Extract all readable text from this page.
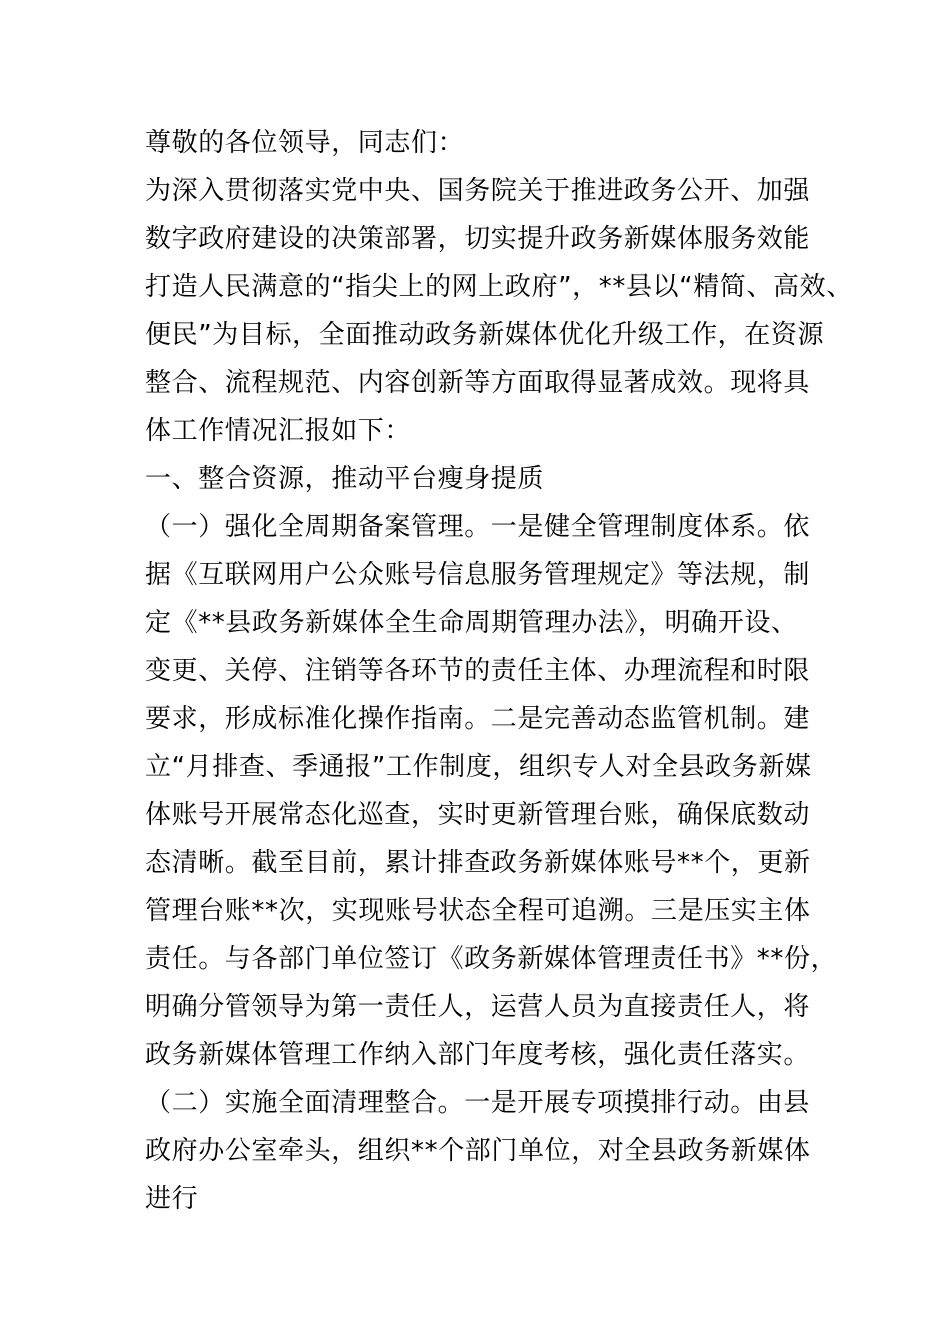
尊敬的各位领导，同志们：
为深入贯彻落实党中央、国务院关于推进政务公开、加强
数字政府建设的决策部署，切实提升政务新媒体服务效能
打造人民满意的“指尖上的网上政府”，**县以“精简、高效、
便民”为目标，全面推动政务新媒体优化升级工作，在资源
整合、流程规范、内容创新等方面取得显著成效。现将具
体工作情况汇报如下：
一、整合资源，推动平台瘦身提质
（一）强化全周期备案管理。一是健全管理制度体系。依
据《互联网用户公众账号信息服务管理规定》等法规，制
定《**县政务新媒体全生命周期管理办法》，明确开设、
变更、关停、注销等各环节的责任主体、办理流程和时限
要求，形成标准化操作指南。二是完善动态监管机制。建
立“月排查、季通报”工作制度，组织专人对全县政务新媒
体账号开展常态化巡查，实时更新管理台账，确保底数动
态清晰。截至目前，累计排查政务新媒体账号**个，更新
管理台账**次，实现账号状态全程可追溯。三是压实主体
责任。与各部门单位签订《政务新媒体管理责任书》**份，
明确分管领导为第一责任人，运营人员为直接责任人，将
政务新媒体管理工作纳入部门年度考核，强化责任落实。
（二）实施全面清理整合。一是开展专项摸排行动。由县
政府办公室牵头，组织**个部门单位，对全县政务新媒体
进行
